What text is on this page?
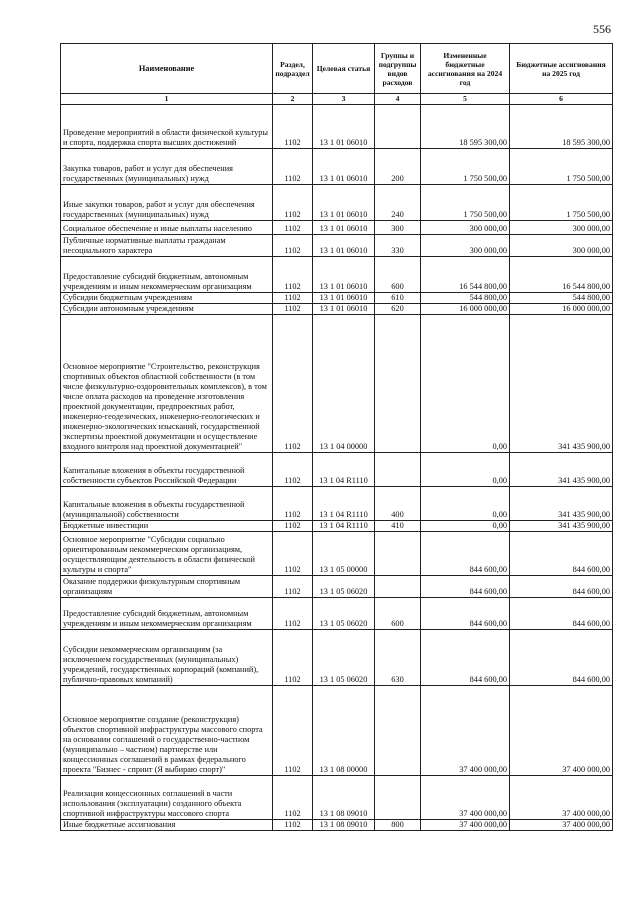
556
Наименование	Раздел, подраздел	Целевая статья	Группы и подгруппы видов расходов	Измененные бюджетные ассигнования на 2024 год	Бюджетные ассигнования на 2025 год
1	2	3	4	5	6
Проведение мероприятий в области физической культуры и спорта, поддержка спорта высших достижений	1102	13 1 01 06010		18 595 300,00	18 595 300,00
Закупка товаров, работ и услуг для обеспечения государственных (муниципальных) нужд	1102	13 1 01 06010	200	1 750 500,00	1 750 500,00
Иные закупки товаров, работ и услуг для обеспечения государственных (муниципальных) нужд	1102	13 1 01 06010	240	1 750 500,00	1 750 500,00
Социальное обеспечение и иные выплаты населению	1102	13 1 01 06010	300	300 000,00	300 000,00
Публичные нормативные выплаты гражданам несоциального характера	1102	13 1 01 06010	330	300 000,00	300 000,00
Предоставление субсидий бюджетным, автономным учреждениям и иным некоммерческим организациям	1102	13 1 01 06010	600	16 544 800,00	16 544 800,00
Субсидии бюджетным учреждениям	1102	13 1 01 06010	610	544 800,00	544 800,00
Субсидии автономным учреждениям	1102	13 1 01 06010	620	16 000 000,00	16 000 000,00
Основное мероприятие "Строительство, реконструкция спортивных объектов областной собственности (в том числе физкультурно-оздоровительных комплексов), в том числе оплата расходов на проведение изготовления проектной документации, предпроектных работ, инженерно-геодезических, инженерно-геологических и инженерно-экологических изысканий, государственной экспертизы проектной документации и осуществление входного контроля над проектной документацией"	1102	13 1 04 00000		0,00	341 435 900,00
Капитальные вложения в объекты государственной собственности субъектов Российской Федерации	1102	13 1 04 R1110		0,00	341 435 900,00
Капитальные вложения в объекты государственной (муниципальной) собственности	1102	13 1 04 R1110	400	0,00	341 435 900,00
Бюджетные инвестиции	1102	13 1 04 R1110	410	0,00	341 435 900,00
Основное мероприятие "Субсидии социально ориентированным некоммерческим организациям, осуществляющим деятельность в области физической культуры и спорта"	1102	13 1 05 00000		844 600,00	844 600,00
Оказание поддержки физкультурным спортивным организациям	1102	13 1 05 06020		844 600,00	844 600,00
Предоставление субсидий бюджетным, автономным учреждениям и иным некоммерческим организациям	1102	13 1 05 06020	600	844 600,00	844 600,00
Субсидии некоммерческим организациям (за исключением государственных (муниципальных) учреждений, государственных корпораций (компаний), публично-правовых компаний)	1102	13 1 05 06020	630	844 600,00	844 600,00
Основное мероприятие создание (реконструкция) объектов спортивной инфраструктуры массового спорта на основании соглашений о государственно-частном (муниципально – частном) партнерстве или концессионных соглашений в рамках федерального проекта "Бизнес - спринт (Я выбираю спорт)"	1102	13 1 08 00000		37 400 000,00	37 400 000,00
Реализация концессионных соглашений в части использования (эксплуатации) созданного объекта спортивной инфраструктуры массового спорта	1102	13 1 08 09010		37 400 000,00	37 400 000,00
Иные бюджетные ассигнования	1102	13 1 08 09010	800	37 400 000,00	37 400 000,00
